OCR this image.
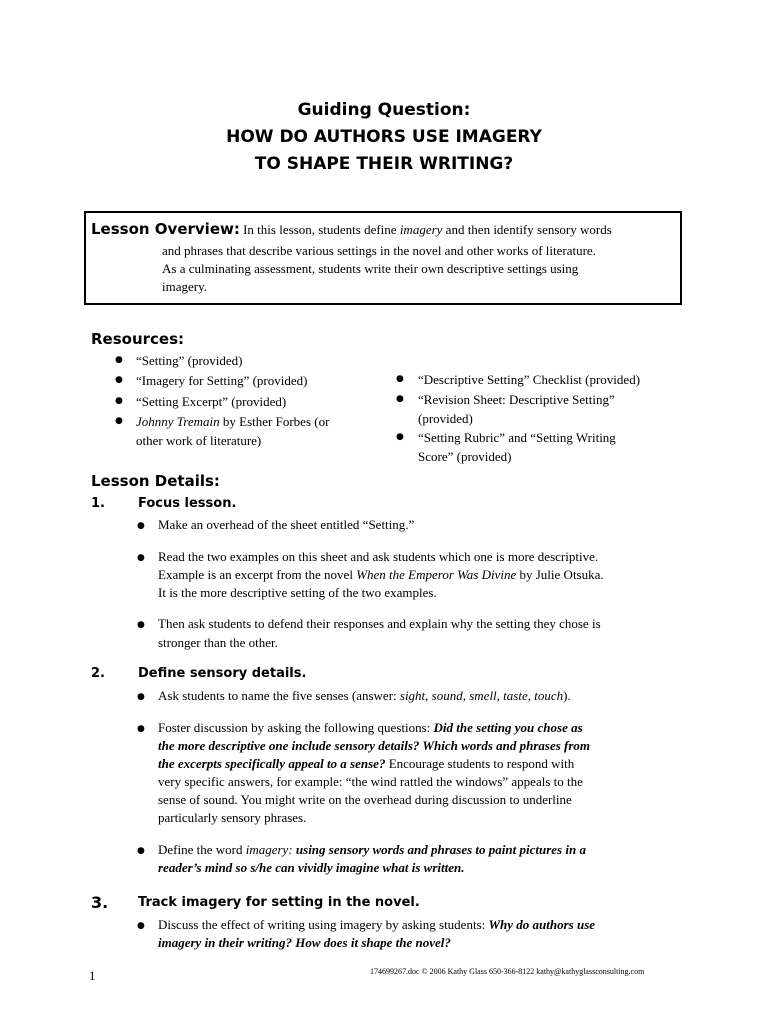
Guiding Question:
HOW DO AUTHORS USE IMAGERY
TO SHAPE THEIR WRITING?
Lesson Overview: In this lesson, students define imagery and then identify sensory words
and phrases that describe various settings in the novel and other works of literature.
As a culminating assessment, students write their own descriptive settings using
imagery.
Resources:
● “Setting” (provided)
● “Imagery for Setting” (provided)
● “Setting Excerpt” (provided)
● Johnny Tremain by Esther Forbes (or
other work of literature)
● “Descriptive Setting” Checklist (provided)
● “Revision Sheet: Descriptive Setting”
(provided)
● “Setting Rubric” and “Setting Writing
Score” (provided)
Lesson Details:
1.	Focus lesson.
● Make an overhead of the sheet entitled “Setting.”
● Read the two examples on this sheet and ask students which one is more descriptive.
Example is an excerpt from the novel When the Emperor Was Divine by Julie Otsuka.
It is the more descriptive setting of the two examples.
● Then ask students to defend their responses and explain why the setting they chose is
stronger than the other.
2.	Define sensory details.
● Ask students to name the five senses (answer: sight, sound, smell, taste, touch).
● Foster discussion by asking the following questions: Did the setting you chose as
the more descriptive one include sensory details? Which words and phrases from
the excerpts specifically appeal to a sense? Encourage students to respond with
very specific answers, for example: “the wind rattled the windows” appeals to the
sense of sound. You might write on the overhead during discussion to underline
particularly sensory phrases.
● Define the word imagery: using sensory words and phrases to paint pictures in a
reader’s mind so s/he can vividly imagine what is written.
3. Track imagery for setting in the novel.
● Discuss the effect of writing using imagery by asking students: Why do authors use
imagery in their writing? How does it shape the novel?
1	174699267.doc © 2006 Kathy Glass 650-366-8122 kathy@kathyglassconsulting.com
